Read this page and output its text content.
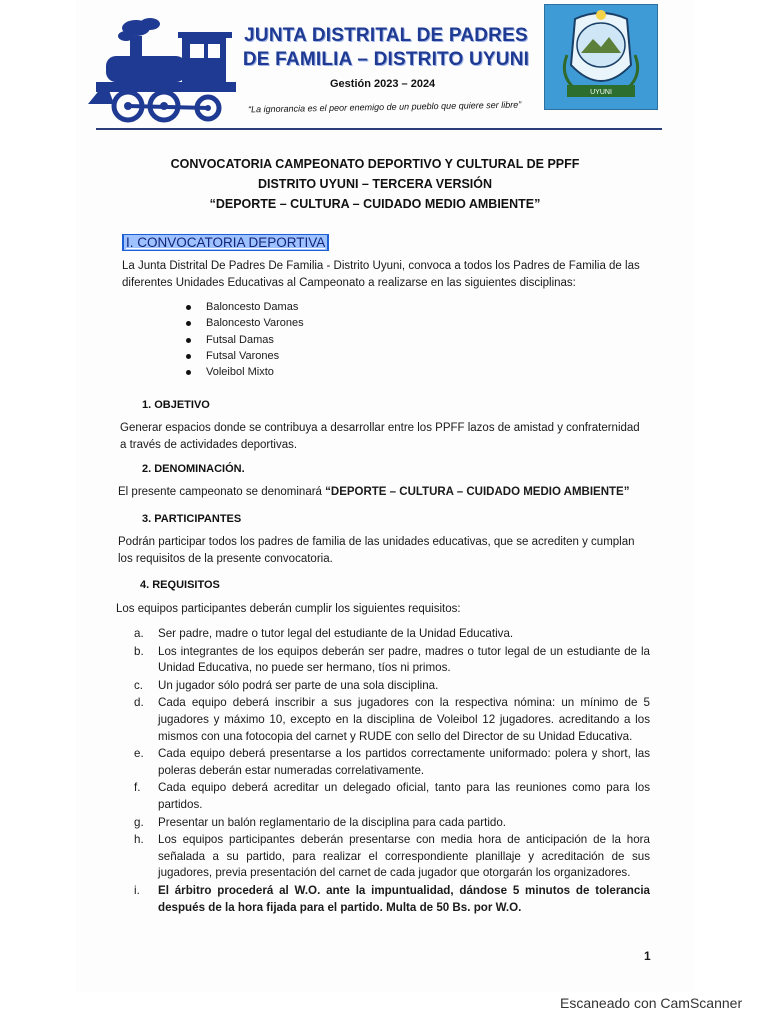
JUNTA DISTRITAL DE PADRES
DE FAMILIA – DISTRITO UYUNI
Gestión 2023 – 2024
“La ignorancia es el peor enemigo de un pueblo que quiere ser libre”
UYUNI
CONVOCATORIA CAMPEONATO DEPORTIVO Y CULTURAL DE PPFF
DISTRITO UYUNI – TERCERA VERSIÓN
“DEPORTE – CULTURA – CUIDADO MEDIO AMBIENTE”
I. CONVOCATORIA DEPORTIVA
La Junta Distrital De Padres De Familia - Distrito Uyuni, convoca a todos los Padres de Familia de las diferentes Unidades Educativas al Campeonato a realizarse en las siguientes disciplinas:
Baloncesto Damas
Baloncesto Varones
Futsal Damas
Futsal Varones
Voleibol Mixto
1. OBJETIVO
Generar espacios donde se contribuya a desarrollar entre los PPFF lazos de amistad y confraternidad a través de actividades deportivas.
2. DENOMINACIÓN.
El presente campeonato se denominará “DEPORTE – CULTURA – CUIDADO MEDIO AMBIENTE”
3. PARTICIPANTES
Podrán participar todos los padres de familia de las unidades educativas, que se acrediten y cumplan los requisitos de la presente convocatoria.
4. REQUISITOS
Los equipos participantes deberán cumplir los siguientes requisitos:
a.	Ser padre, madre o tutor legal del estudiante de la Unidad Educativa.
b.	Los integrantes de los equipos deberán ser padre, madres o tutor legal de un estudiante de la Unidad Educativa, no puede ser hermano, tíos ni primos.
c.	Un jugador sólo podrá ser parte de una sola disciplina.
d.	Cada equipo deberá inscribir a sus jugadores con la respectiva nómina: un mínimo de 5 jugadores y máximo 10, excepto en la disciplina de Voleibol 12 jugadores. acreditando a los mismos con una fotocopia del carnet y RUDE con sello del Director de su Unidad Educativa.
e.	Cada equipo deberá presentarse a los partidos correctamente uniformado: polera y short, las poleras deberán estar numeradas correlativamente.
f.	Cada equipo deberá acreditar un delegado oficial, tanto para las reuniones como para los partidos.
g.	Presentar un balón reglamentario de la disciplina para cada partido.
h.	Los equipos participantes deberán presentarse con media hora de anticipación de la hora señalada a su partido, para realizar el correspondiente planillaje y acreditación de sus jugadores, previa presentación del carnet de cada jugador que otorgarán los organizadores.
i.	El árbitro procederá al W.O. ante la impuntualidad, dándose 5 minutos de tolerancia después de la hora fijada para el partido. Multa de 50 Bs. por W.O.
1
Escaneado con CamScanner
